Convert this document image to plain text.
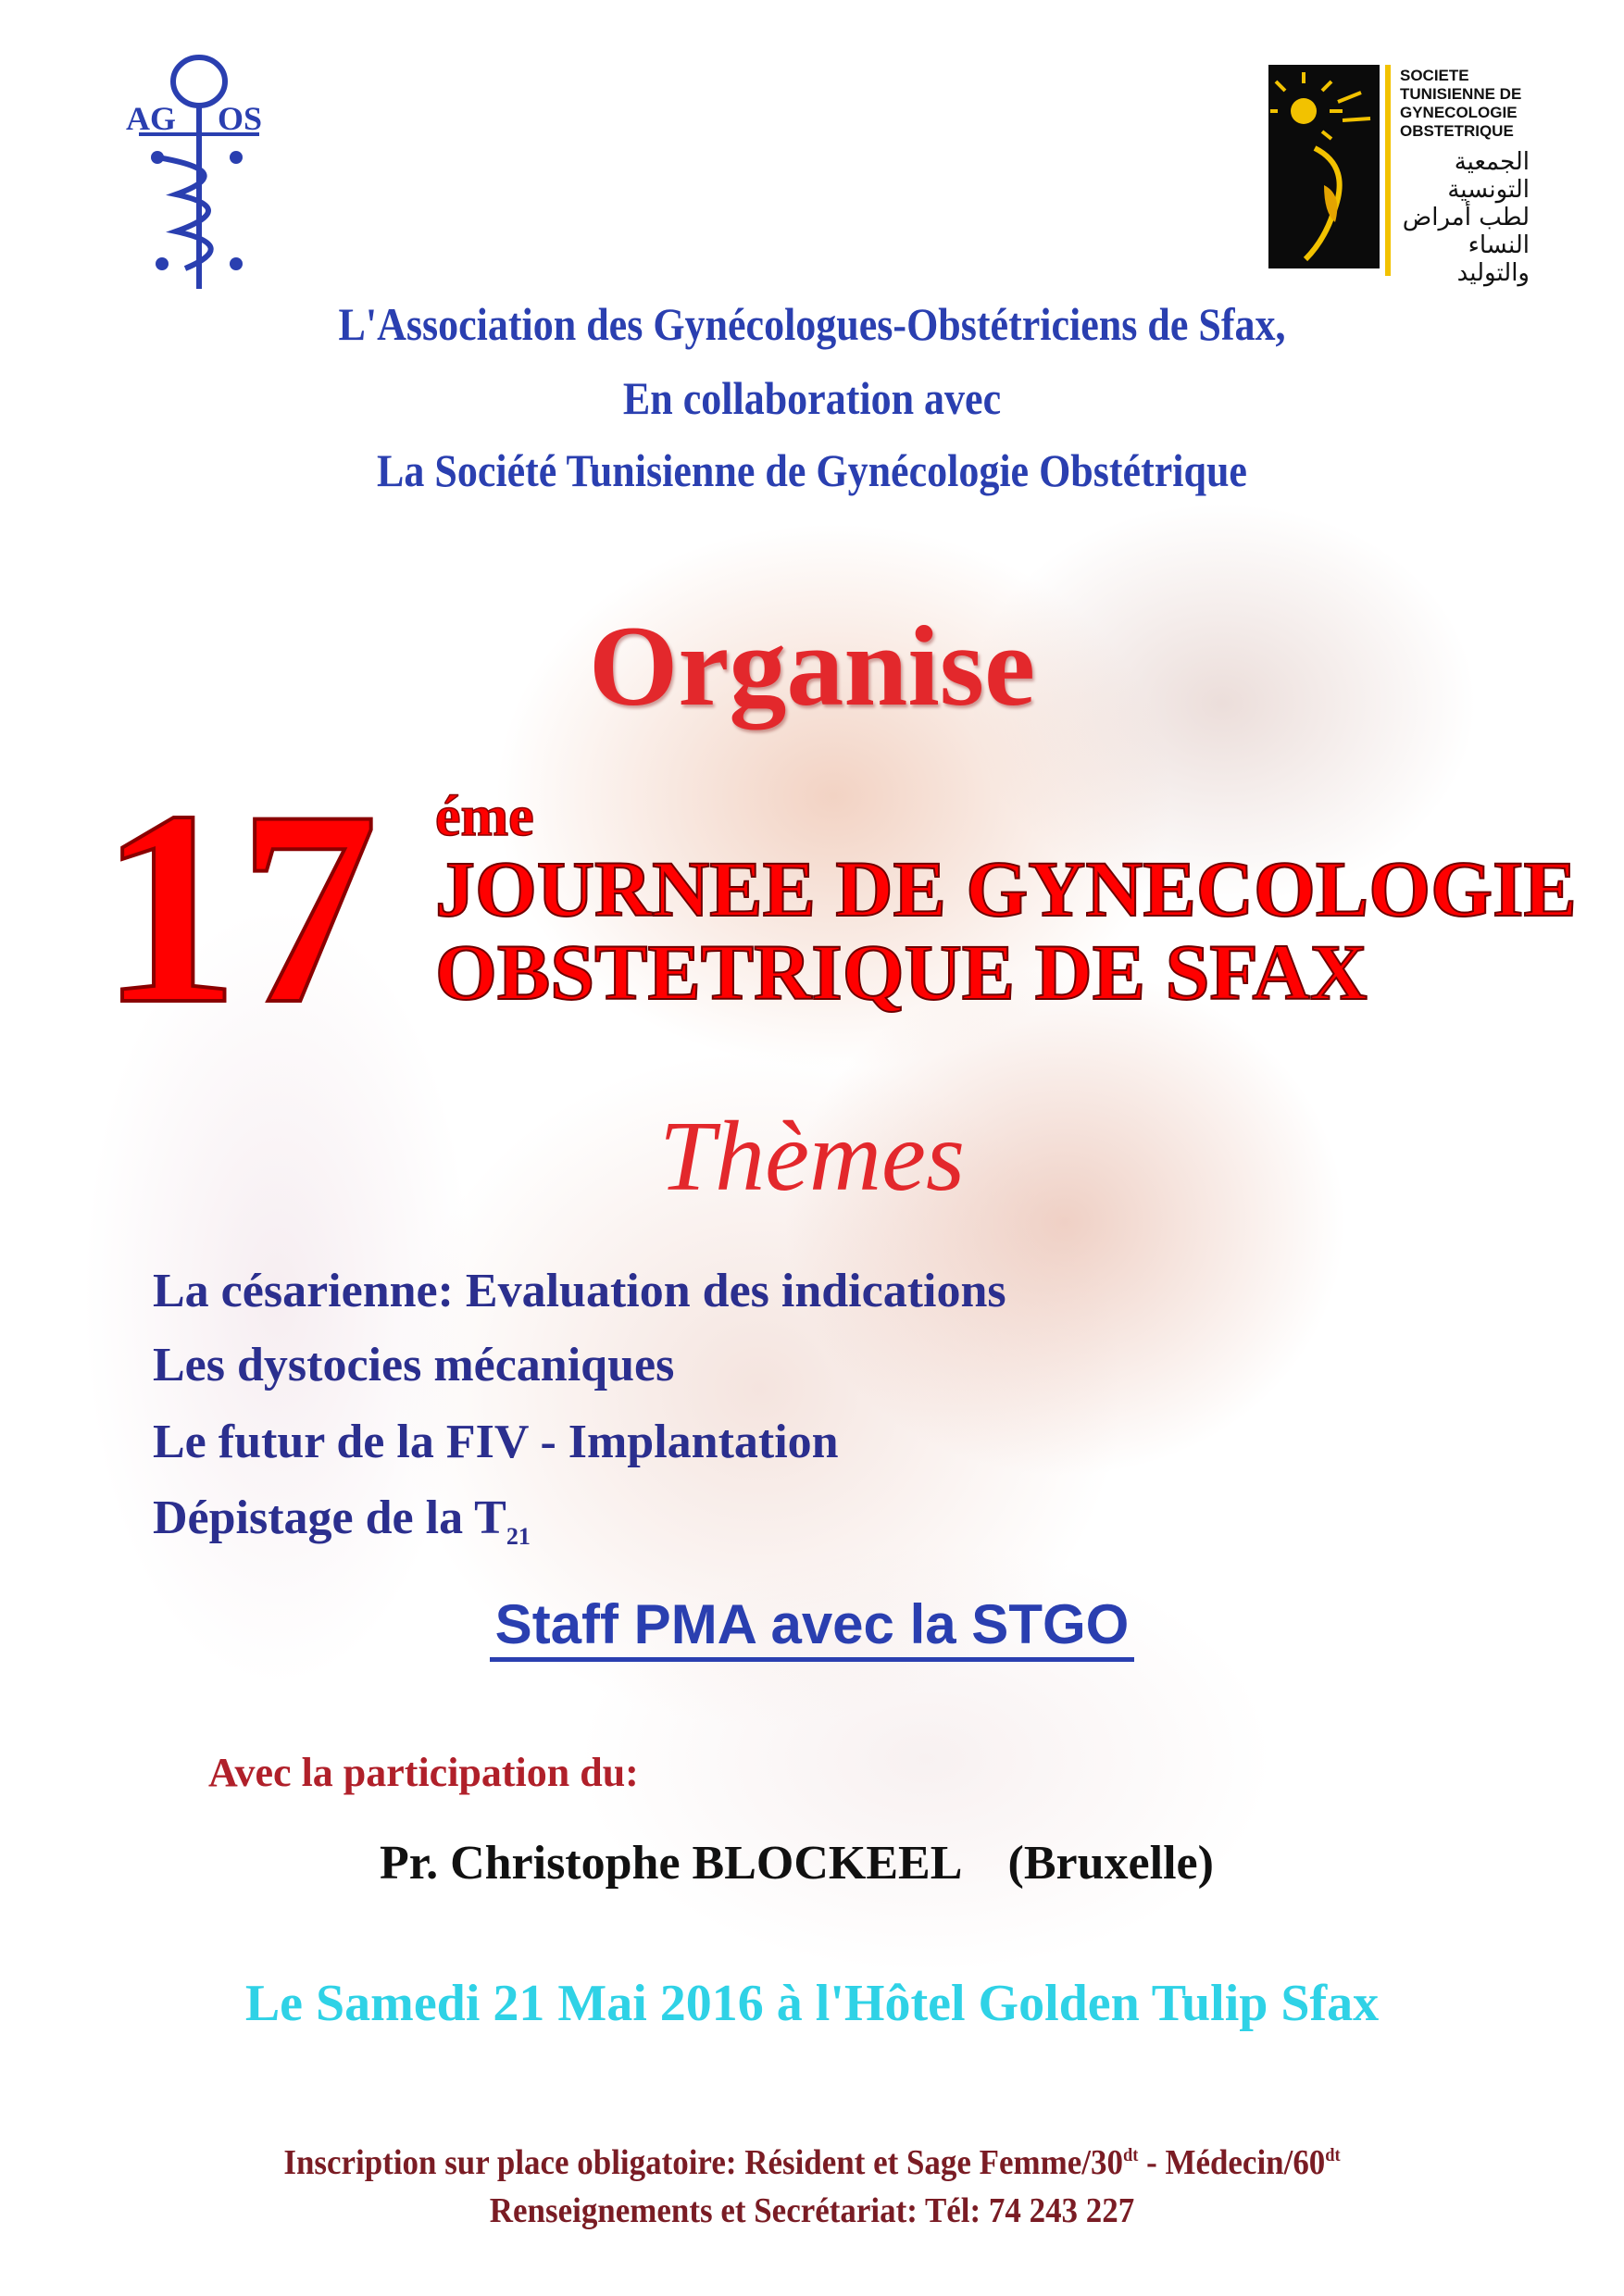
AG OS
SOCIETE
TUNISIENNE DE
GYNECOLOGIE
OBSTETRIQUE
الجمعية التونسية لطب أمراض النساء والتوليد
L'Association des Gynécologues-Obstétriciens de Sfax,
En collaboration avec
La Société Tunisienne de Gynécologie Obstétrique
Organise
17 éme
JOURNEE DE GYNECOLOGIE
OBSTETRIQUE DE SFAX
Thèmes
La césarienne: Evaluation des indications
Les dystocies mécaniques
Le futur de la FIV - Implantation
Dépistage de la $T_{21}$
Staff PMA avec la STGO
Avec la participation du:
Pr. Christophe BLOCKEEL (Bruxelle)
Le Samedi 21 Mai 2016 à l'Hôtel Golden Tulip Sfax
Inscription sur place obligatoire: Résident et Sage Femme/$30^{dt}$ - Médecin/$60^{dt}$
Renseignements et Secrétariat: Tél: 74 243 227
